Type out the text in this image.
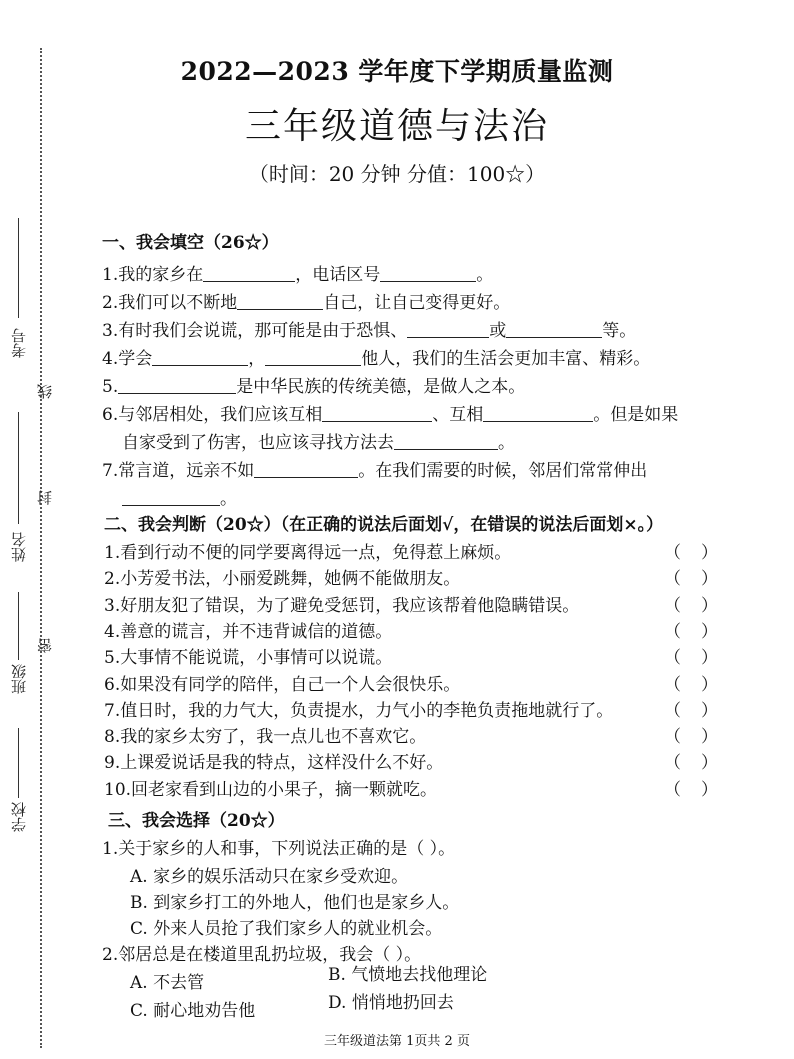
考号
线
姓名
封
班级
密
学校
2022—2023 学年度下学期质量监测
三年级道德与法治
（时间：20 分钟 分值：100☆）
一、我会填空（26☆）
1.我的家乡在	，电话区号	。
2.我们可以不断地	自己，让自己变得更好。
3.有时我们会说谎，那可能是由于恐惧、	或	等。
4.学会	，	他人，我们的生活会更加丰富、精彩。
5.	是中华民族的传统美德，是做人之本。
6.与邻居相处，我们应该互相	、互相	。但是如果
自家受到了伤害，也应该寻找方法去	。
7.常言道，远亲不如	。在我们需要的时候，邻居们常常伸出
。
二、我会判断（20☆）（在正确的说法后面划√，在错误的说法后面划×。）
1.看到行动不便的同学要离得远一点，免得惹上麻烦。	（ ）
2.小芳爱书法，小丽爱跳舞，她俩不能做朋友。	（ ）
3.好朋友犯了错误，为了避免受惩罚，我应该帮着他隐瞒错误。	（ ）
4.善意的谎言，并不违背诚信的道德。	（ ）
5.大事情不能说谎，小事情可以说谎。	（ ）
6.如果没有同学的陪伴，自己一个人会很快乐。	（ ）
7.值日时，我的力气大，负责提水，力气小的李艳负责拖地就行了。	（ ）
8.我的家乡太穷了，我一点儿也不喜欢它。	（ ）
9.上课爱说话是我的特点，这样没什么不好。	（ ）
10.回老家看到山边的小果子，摘一颗就吃。	（ ）
三、我会选择（20☆）
1.关于家乡的人和事，下列说法正确的是（ ）。
A. 家乡的娱乐活动只在家乡受欢迎。
B. 到家乡打工的外地人，他们也是家乡人。
C. 外来人员抢了我们家乡人的就业机会。
2.邻居总是在楼道里乱扔垃圾，我会（ ）。
A. 不去管	B. 气愤地去找他理论
C. 耐心地劝告他	D. 悄悄地扔回去
三年级道法第 1页共 2 页
